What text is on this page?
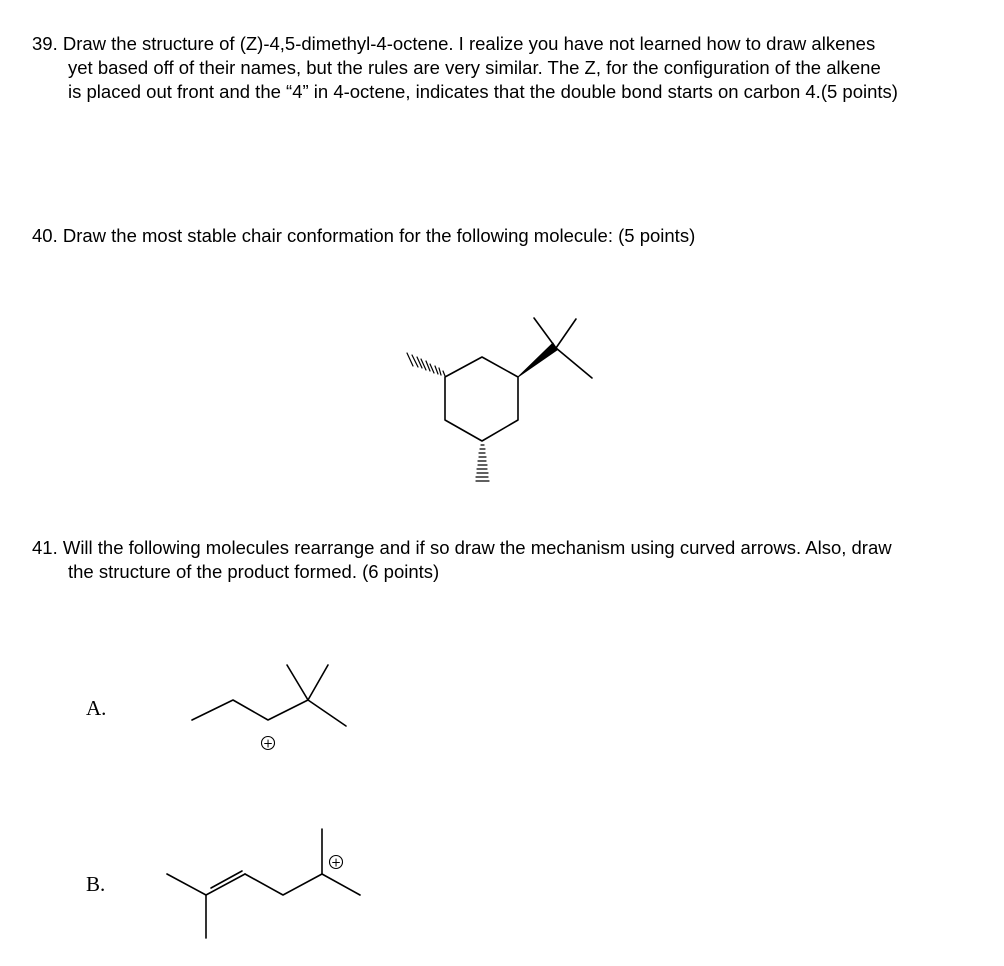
39. Draw the structure of (Z)-4,5-dimethyl-4-octene. I realize you have not learned how to draw alkenes
yet based off of their names, but the rules are very similar. The Z, for the configuration of the alkene
is placed out front and the “4” in 4-octene, indicates that the double bond starts on carbon 4.(5 points)
40. Draw the most stable chair conformation for the following molecule: (5 points)
41. Will the following molecules rearrange and if so draw the mechanism using curved arrows. Also, draw
the structure of the product formed. (6 points)
A.
+
B.
+
